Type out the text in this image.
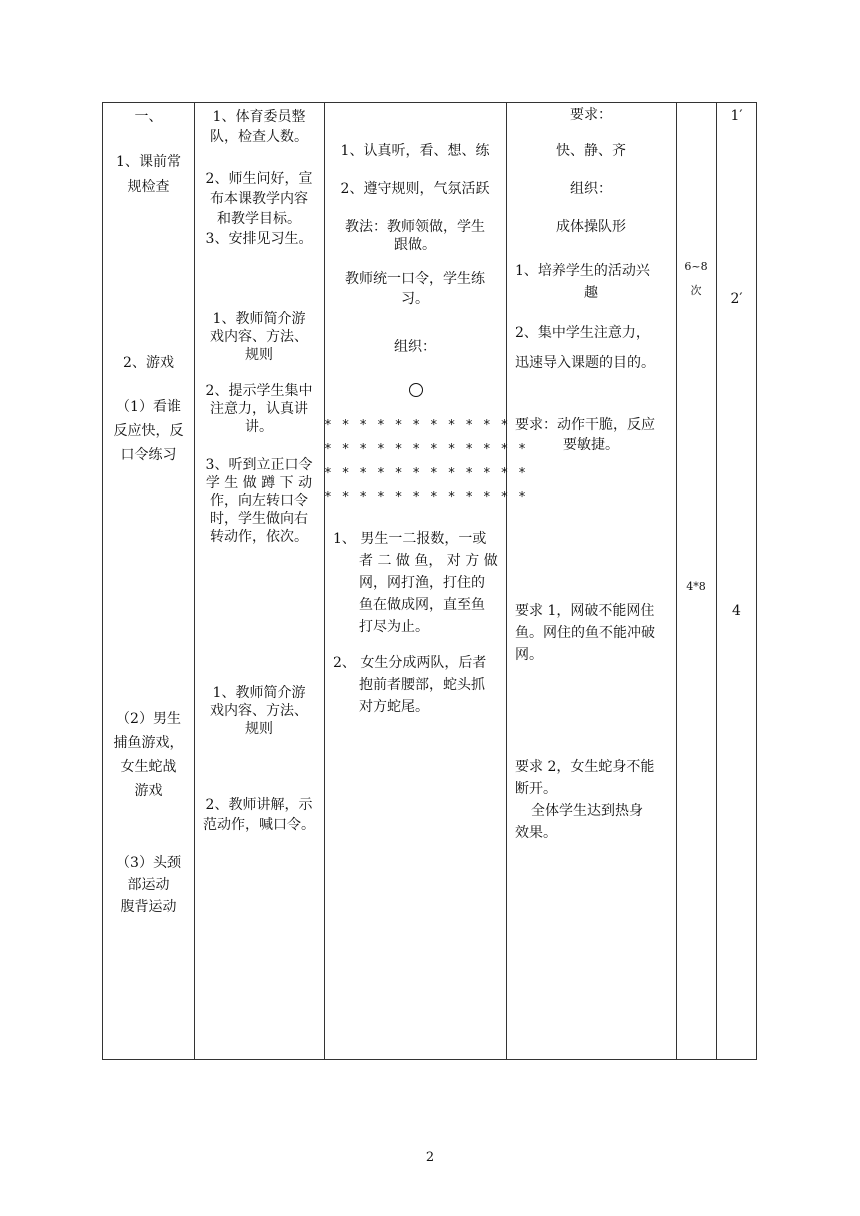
一、
1、课前常
规检查
2、游戏
（1）看谁
反应快，反
口令练习
（2）男生
捕鱼游戏，
女生蛇战
游戏
（3）头颈
部运动
腹背运动
1、体育委员整
队，检查人数。
2、师生问好，宣
布本课教学内容
和教学目标。
3、安排见习生。
1、教师简介游
戏内容、方法、
规则
2、提示学生集中
注意力，认真讲
讲。
3、听到立正口令
学 生 做 蹲 下 动
作，向左转口令
时，学生做向右
转动作，依次。
1、教师简介游
戏内容、方法、
规则
2、教师讲解，示
范动作，喊口令。
1、认真听，看、想、练
2、遵守规则，气氛活跃
教法：教师领做，学生
跟做。
教师统一口令，学生练
习。
组织：
* * * * * * * * * * *
* * * * * * * * * * * *
* * * * * * * * * * * *
* * * * * * * * * * * *
1、 男生一二报数，一或
者 二 做 鱼， 对 方 做
网，网打渔，打住的
鱼在做成网，直至鱼
打尽为止。
2、 女生分成两队，后者
抱前者腰部，蛇头抓
对方蛇尾。
要求：
快、静、齐
组织：
成体操队形
1、培养学生的活动兴
趣
2、集中学生注意力，
迅速导入课题的目的。
要求：动作干脆，反应
要敏捷。
要求 1，网破不能网住
鱼。网住的鱼不能冲破
网。
要求 2，女生蛇身不能
断开。
全体学生达到热身
效果。
6~8
次
4*8
1′
2′
4
2
